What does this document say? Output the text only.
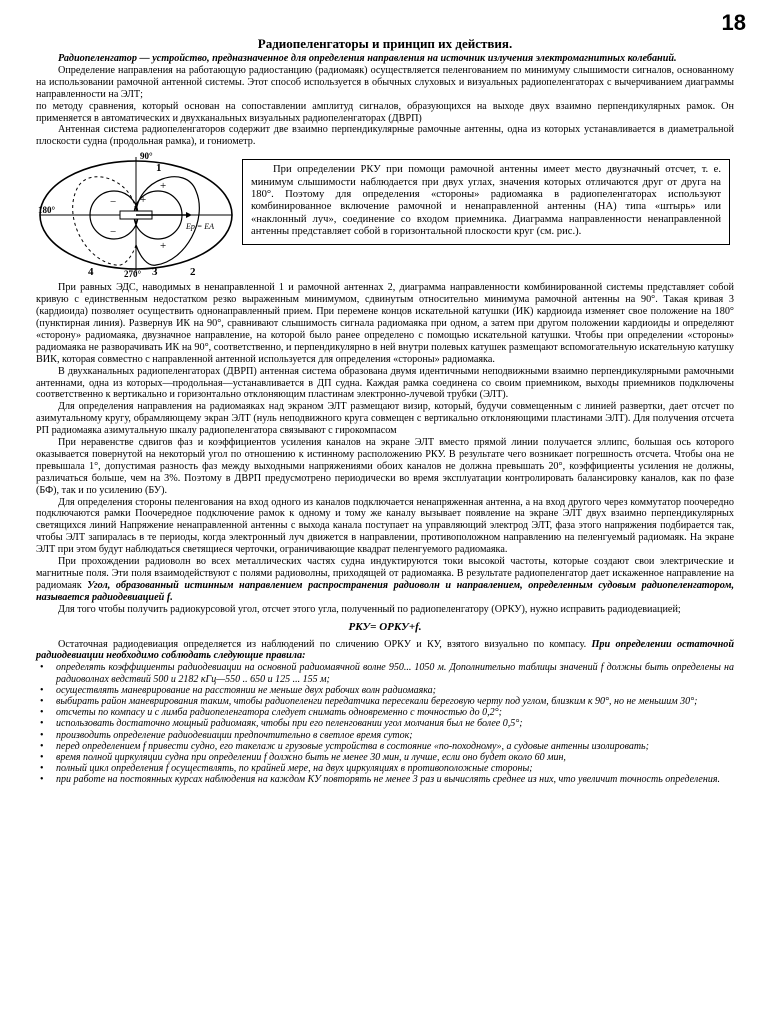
18
Радиопеленгаторы и принцип их действия.

Радиопеленгатор — устройство, предназначенное для определения направления на источник излучения электромагнитных колебаний.

Определение направления на работающую радиостанцию (радиомаяк) осуществляется пеленгованием по минимуму слышимости сигналов, основанному на использовании рамочной антенной системы. Этот способ используется в обычных слуховых и визуальных радиопеленгаторах с вычерчиванием диаграммы направленности на ЭЛТ;

по методу сравнения, который основан на сопоставлении амплитуд сигналов, образующихся на выходе двух взаимно перпендикулярных рамок. Он применяется в автоматических и двухканальных визуальных радиопеленгаторах (ДВРП)

Антенная система радиопеленгаторов содержит две взаимно перпендикулярные рамочные антенны, одна из которых устанавливается в диаметральной плоскости судна (продольная рамка), и гониометр.

90°
180°
270°
1
2
3
4
+
+
+
−
−	Eр = EА

При определении РКУ при помощи рамочной антенны имеет место двузначный отсчет, т. е. минимум слышимости наблюдается при двух углах, значения которых отличаются друг от друга на 180°. Поэтому для определения «стороны» радиомаяка в радиопеленгаторах используют комбинированное включение рамочной и ненаправленной антенны (НА) типа «штырь» или «наклонный луч», соединение со входом приемника. Диаграмма направленности ненаправленной антенны представляет собой в горизонтальной плоскости круг (см. рис.).

При равных ЭДС, наводимых в ненаправленной 1 и рамочной антеннах 2, диаграмма направленности комбинированной системы представляет собой кривую с единственным недостатком резко выраженным минимумом, сдвинутым относительно минимума рамочной антенны на 90°. Такая кривая 3 (кардиоида) позволяет осуществить однонаправленный прием. При перемене концов искательной катушки (ИК) кардиоида изменяет свое положение на 180° (пунктирная линия). Развернув ИК на 90°, сравнивают слышимость сигнала радиомаяка при одном, а затем при другом положении кардиоиды и определяют «сторону» радиомаяка, двузначное направление, на которой было ранее определено с помощью искательной катушки. Чтобы при определении «стороны» радиомаяка не разворачивать ИК на 90°, соответственно, и перпендикулярно в ней внутри полевых катушек размещают вспомогательную искательную катушку ВИК, которая совместно с направленной антенной используется для определения «стороны» радиомаяка.

В двухканальных радиопеленгаторах (ДВРП) антенная система образована двумя идентичными неподвижными взаимно перпендикулярными рамочными антеннами, одна из которых—продольная—устанавливается в ДП судна. Каждая рамка соединена со своим приемником, выходы приемников подключены соответственно к вертикально и горизонтально отклоняющим пластинам электронно-лучевой трубки (ЭЛТ).

Для определения направления на радиомаяках над экраном ЭЛТ размещают визир, который, будучи совмещенным с линией развертки, дает отсчет по азимутальному кругу, обрамляющему экран ЭЛТ (нуль неподвижного круга совмещен с вертикально отклоняющими пластинами ЭЛТ). Для получения отсчета РП радиомаяка азимутальную шкалу радиопеленгатора связывают с гирокомпасом

При неравенстве сдвигов фаз и коэффициентов усиления каналов на экране ЭЛТ вместо прямой линии получается эллипс, большая ось которого оказывается повернутой на некоторый угол по отношению к истинному расположению РКУ. В результате чего возникает погрешность отсчета. Чтобы она не превышала 1°, допустимая разность фаз между выходными напряжениями обоих каналов не должна превышать 20°, коэффициенты усиления не должны, различаться больше, чем на 3%. Поэтому в ДВРП предусмотрено периодически во время эксплуатации контролировать балансировку каналов, как по фазе (БФ), так и по усилению (БУ).

Для определения стороны пеленгования на вход одного из каналов подключается ненапряженная антенна, а на вход другого через коммутатор поочередно подключаются рамки Поочередное подключение рамок к одному и тому же каналу вызывает появление на экране ЭЛТ двух взаимно перпендикулярных светящихся линий Напряжение ненаправленной антенны с выхода канала поступает на управляющий электрод ЭЛТ, фаза этого напряжения подбирается так, чтобы ЭЛТ запиралась в те периоды, когда электронный луч движется в направлении, противоположном направлению на пеленгуемый радиомаяк. На экране ЭЛТ при этом будут наблюдаться светящиеся черточки, ограничивающие квадрат пеленгуемого радиомаяка.

При прохождении радиоволн во всех металлических частях судна индуктируются токи высокой частоты, которые создают свои электрические и магнитные поля. Эти поля взаимодействуют с полями радиоволны, приходящей от радиомаяка. В результате радиопеленгатор дает искаженное направление на радиомаяк Угол, образованный истинным направлением распространения радиоволн и направлением, определенным судовым радиопеленгатором, называется радиодевиацией f.

Для того чтобы получить радиокурсовой угол, отсчет этого угла, полученный по радиопеленгатору (ОРКУ), нужно исправить радиодевиацией;

РКУ= ОРКУ+f.

Остаточная радиодевиация определяется из наблюдений по сличению ОРКУ и КУ, взятого визуально по компасу. При определении остаточной радиодевиации необходимо соблюдать следующие правила:

• определять коэффициенты радиодевиации на основной радиомаячной волне 950... 1050 м. Дополнительно таблицы значений f должны быть определены на радиоволнах ведствий 500 и 2182 кГц—550 .. 650 и 125 ... 155 м;
• осуществлять маневрирование на расстоянии не меньше двух рабочих волн радиомаяка;
• выбирать район маневрирования таким, чтобы радиопеленги передатчика пересекали береговую черту под углом, близким к 90°, но не меньшим 30°;
• отсчеты по компасу и с лимба радиопеленгатора следует снимать одновременно с точностью до 0,2°;
• использовать достаточно мощный радиомаяк, чтобы при его пеленговании угол молчания был не более 0,5°;
• производить определение радиодевиации предпочтительно в светлое время суток;
• перед определением f привести судно, его такелаж и грузовые устройства в состояние «по-походному», а судовые антенны изолировать;
• время полной циркуляции судна при определении f должно быть не менее 30 мин, и лучше, если оно будет около 60 мин,
• полный цикл определения f осуществлять, по крайней мере, на двух циркуляциях в противоположные стороны;
• при работе на постоянных курсах наблюдения на каждом КУ повторять не менее 3 раз и вычислять среднее из них, что увеличит точность определения.
